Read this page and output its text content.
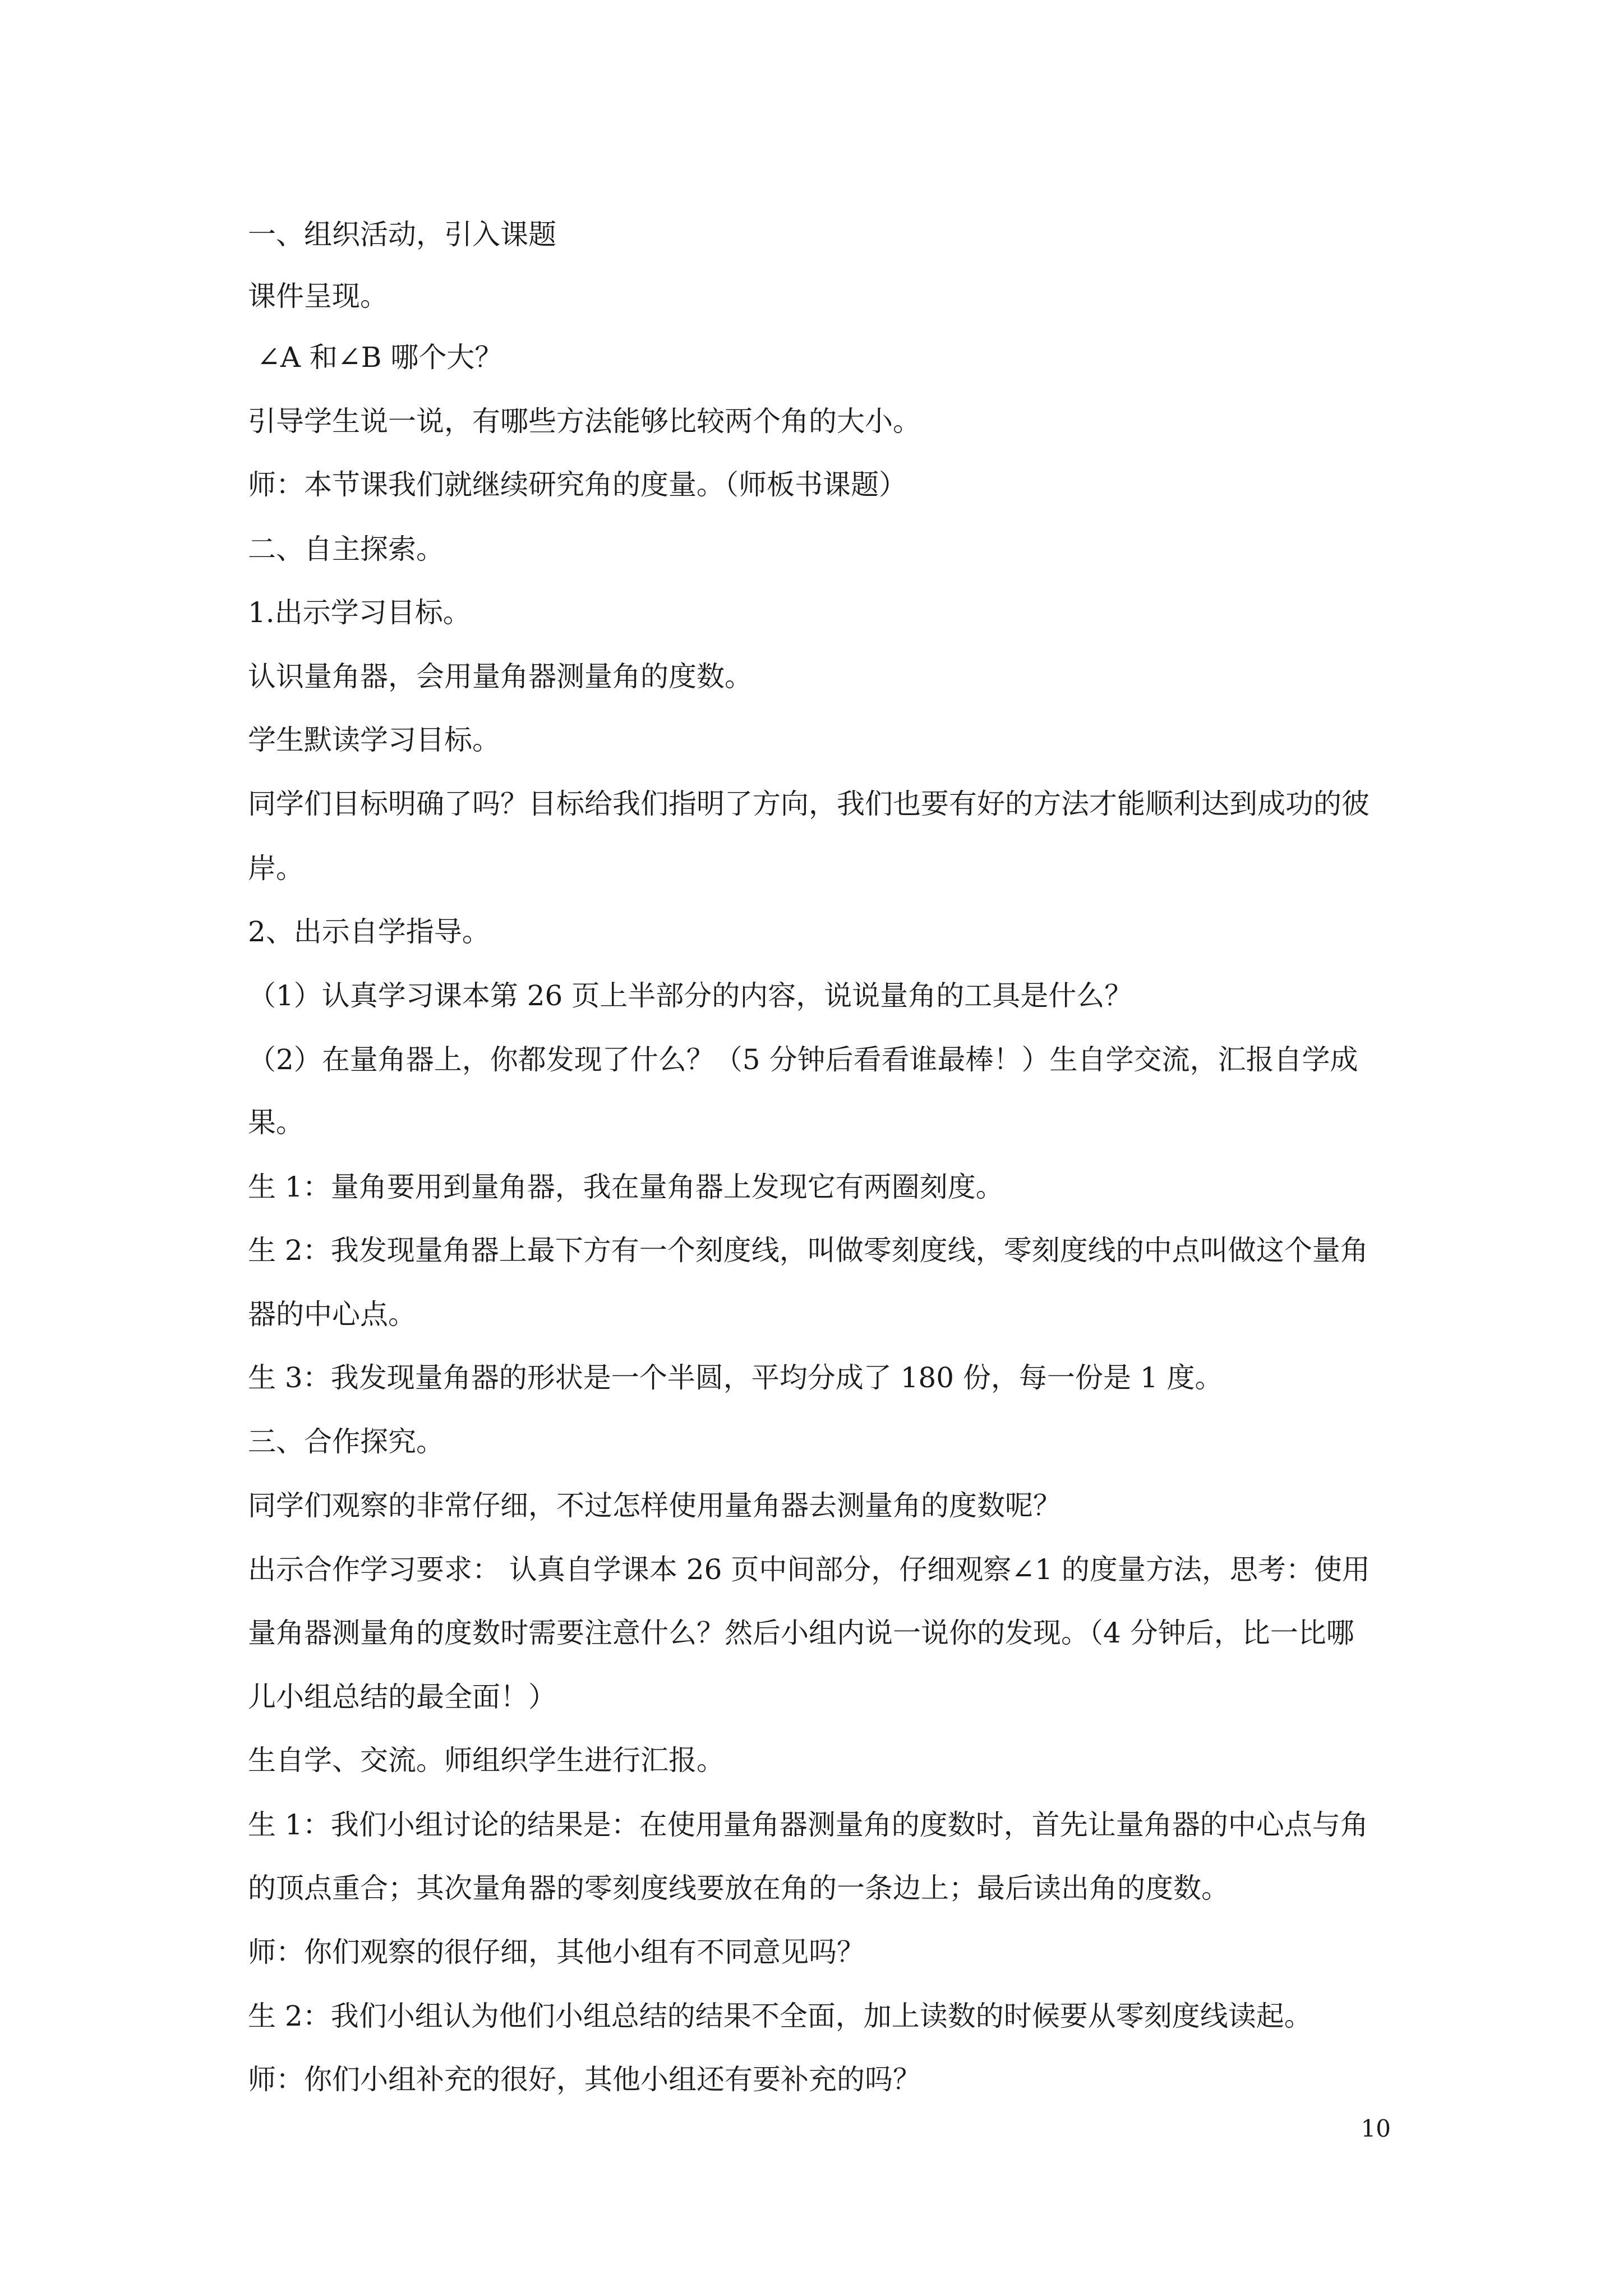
一、组织活动，引入课题
课件呈现。
∠A 和∠B 哪个大？
引导学生说一说，有哪些方法能够比较两个角的大小。
师：本节课我们就继续研究角的度量。（师板书课题）
二、自主探索。
1.出示学习目标。
认识量角器，会用量角器测量角的度数。
学生默读学习目标。
同学们目标明确了吗？目标给我们指明了方向，我们也要有好的方法才能顺利达到成功的彼
岸。
2、出示自学指导。
（1）认真学习课本第 26 页上半部分的内容，说说量角的工具是什么？
（2）在量角器上，你都发现了什么？（5 分钟后看看谁最棒！）生自学交流，汇报自学成
果。
生 1：量角要用到量角器，我在量角器上发现它有两圈刻度。
生 2：我发现量角器上最下方有一个刻度线，叫做零刻度线，零刻度线的中点叫做这个量角
器的中心点。
生 3：我发现量角器的形状是一个半圆，平均分成了 180 份，每一份是 1 度。
三、合作探究。
同学们观察的非常仔细，不过怎样使用量角器去测量角的度数呢？
出示合作学习要求： 认真自学课本 26 页中间部分，仔细观察∠1 的度量方法，思考：使用
量角器测量角的度数时需要注意什么？然后小组内说一说你的发现。（4 分钟后，比一比哪
儿小组总结的最全面！）
生自学、交流。师组织学生进行汇报。
生 1：我们小组讨论的结果是：在使用量角器测量角的度数时，首先让量角器的中心点与角
的顶点重合；其次量角器的零刻度线要放在角的一条边上；最后读出角的度数。
师：你们观察的很仔细，其他小组有不同意见吗？
生 2：我们小组认为他们小组总结的结果不全面，加上读数的时候要从零刻度线读起。
师：你们小组补充的很好，其他小组还有要补充的吗？
10
